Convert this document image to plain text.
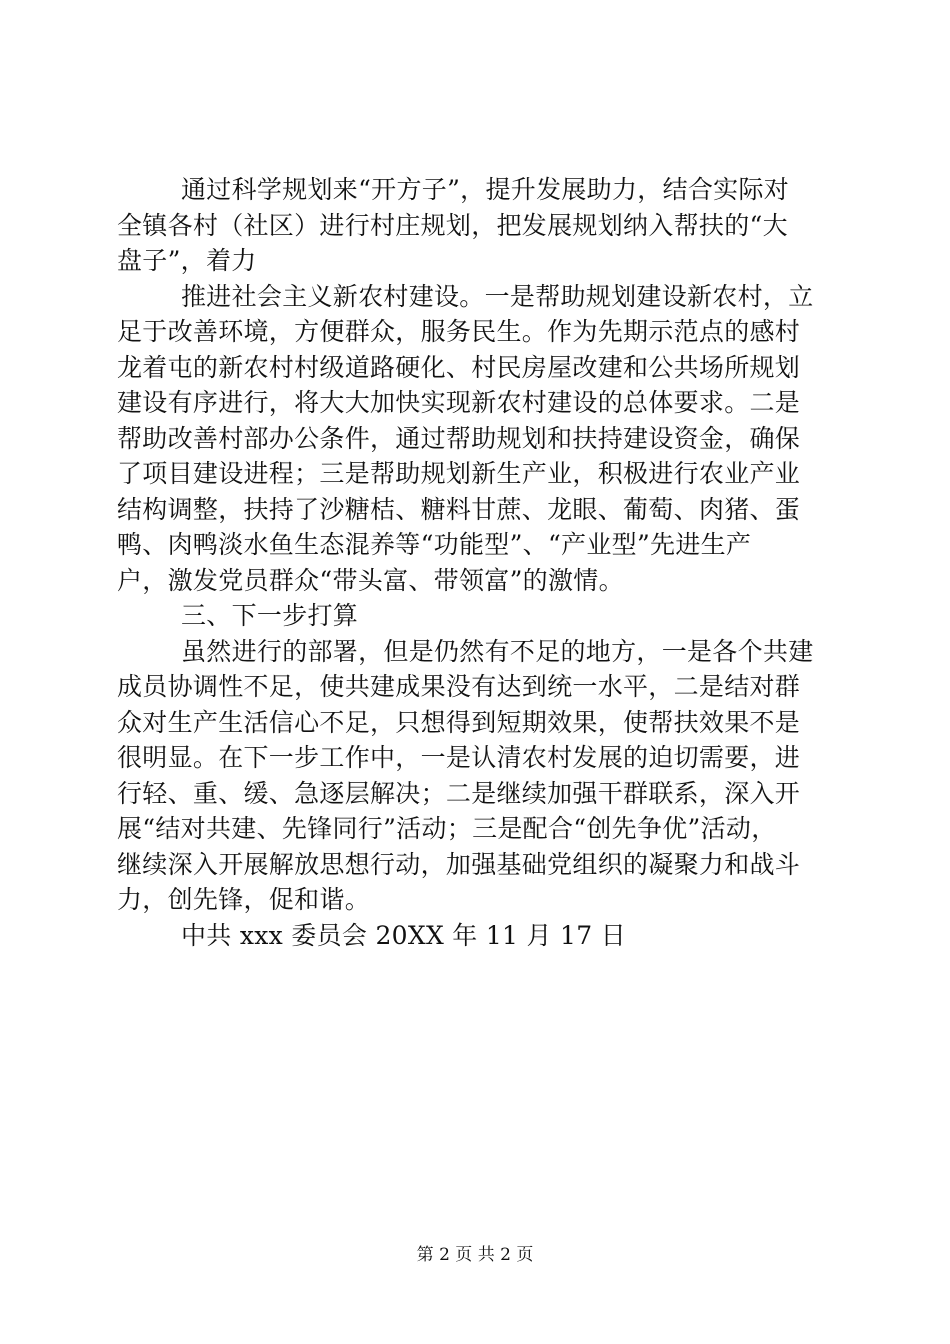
通过科学规划来“开方子”，提升发展助力，结合实际对
全镇各村（社区）进行村庄规划，把发展规划纳入帮扶的“大
盘子”，着力
推进社会主义新农村建设。一是帮助规划建设新农村，立
足于改善环境，方便群众，服务民生。作为先期示范点的感村
龙着屯的新农村村级道路硬化、村民房屋改建和公共场所规划
建设有序进行，将大大加快实现新农村建设的总体要求。二是
帮助改善村部办公条件，通过帮助规划和扶持建设资金，确保
了项目建设进程；三是帮助规划新生产业，积极进行农业产业
结构调整，扶持了沙糖桔、糖料甘蔗、龙眼、葡萄、肉猪、蛋
鸭、肉鸭淡水鱼生态混养等“功能型”、“产业型”先进生产
户，激发党员群众“带头富、带领富”的激情。
三、下一步打算
虽然进行的部署，但是仍然有不足的地方，一是各个共建
成员协调性不足，使共建成果没有达到统一水平，二是结对群
众对生产生活信心不足，只想得到短期效果，使帮扶效果不是
很明显。在下一步工作中，一是认清农村发展的迫切需要，进
行轻、重、缓、急逐层解决；二是继续加强干群联系，深入开
展“结对共建、先锋同行”活动；三是配合“创先争优”活动，
继续深入开展解放思想行动，加强基础党组织的凝聚力和战斗
力，创先锋，促和谐。
中共 xxx 委员会 20XX 年 11 月 17 日
第 2 页 共 2 页
